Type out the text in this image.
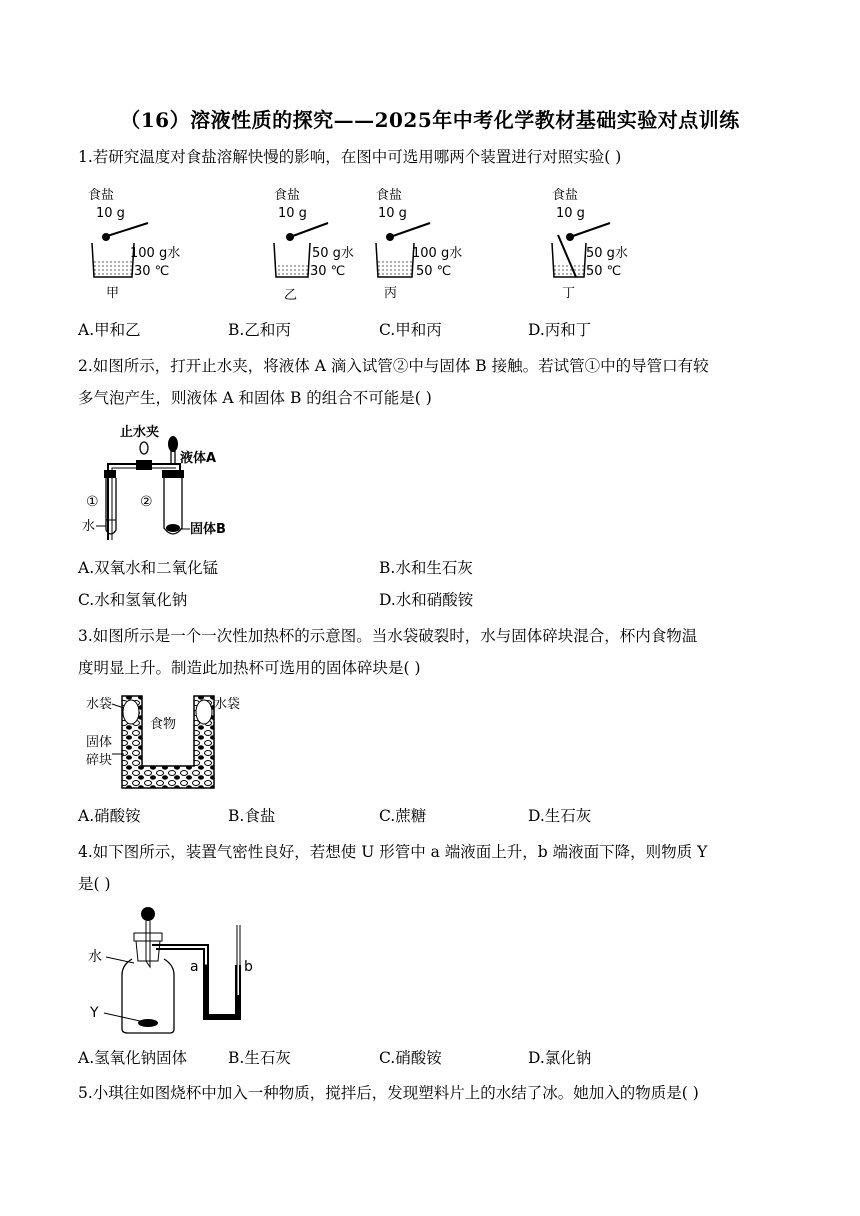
（16）溶液性质的探究——2025年中考化学教材基础实验对点训练
1.若研究温度对食盐溶解快慢的影响，在图中可选用哪两个装置进行对照实验( )
食盐
10 g
100 g水
30 ℃
甲
食盐
10 g
50 g水
30 ℃
乙
食盐
10 g
100 g水
50 ℃
丙
食盐
10 g
50 g水
50 ℃
丁
A.甲和乙	B.乙和丙	C.甲和丙	D.丙和丁
2.如图所示，打开止水夹，将液体 A 滴入试管②中与固体 B 接触。若试管①中的导管口有较
多气泡产生，则液体 A 和固体 B 的组合不可能是( )
止水夹
液体A
①	②
水	固体B
A.双氧水和二氧化锰	B.水和生石灰
C.水和氢氧化钠	D.水和硝酸铵
3.如图所示是一个一次性加热杯的示意图。当水袋破裂时，水与固体碎块混合，杯内食物温
度明显上升。制造此加热杯可选用的固体碎块是( )
水袋	水袋
食物
固体
碎块
A.硝酸铵	B.食盐	C.蔗糖	D.生石灰
4.如下图所示，装置气密性良好，若想使 U 形管中 a 端液面上升，b 端液面下降，则物质 Y
是( )
水
Y
a	b
A.氢氧化钠固体	B.生石灰	C.硝酸铵	D.氯化钠
5.小琪往如图烧杯中加入一种物质，搅拌后，发现塑料片上的水结了冰。她加入的物质是( )
